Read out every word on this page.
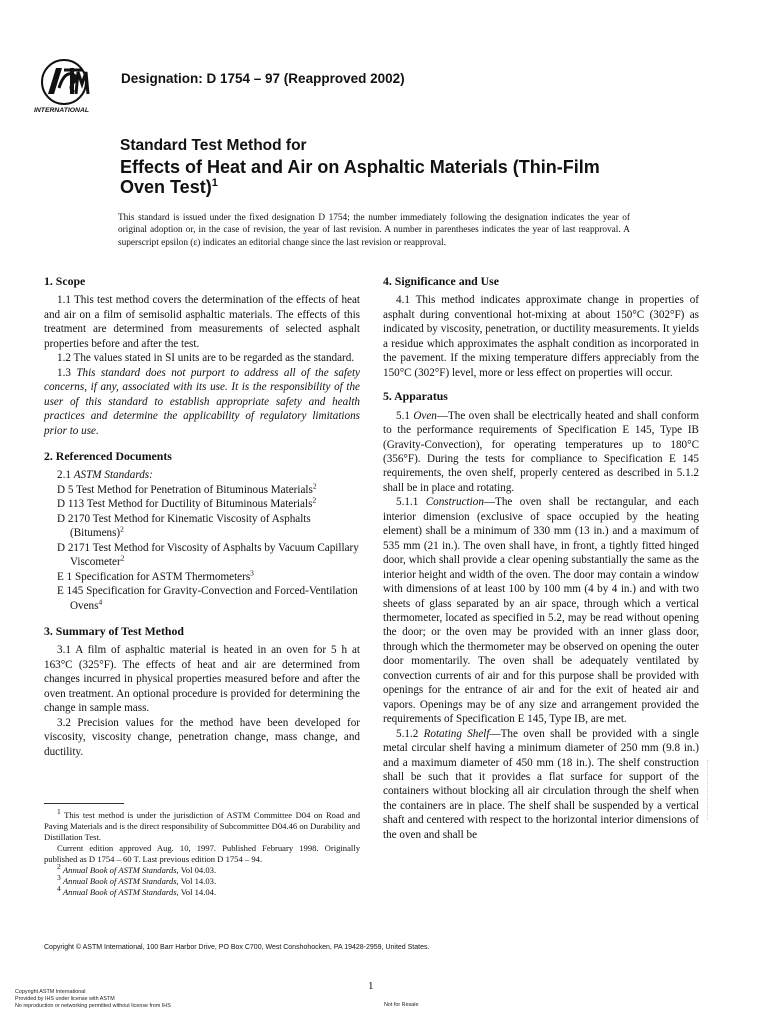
INTERNATIONAL
Designation: D 1754 – 97 (Reapproved 2002)
Standard Test Method for
Effects of Heat and Air on Asphaltic Materials (Thin-Film
Oven Test)$^1$
This standard is issued under the fixed designation D 1754; the number immediately following the designation indicates the year of original adoption or, in the case of revision, the year of last revision. A number in parentheses indicates the year of last reapproval. A superscript epsilon (ε) indicates an editorial change since the last revision or reapproval.
1. Scope

1.1 This test method covers the determination of the effects of heat and air on a film of semisolid asphaltic materials. The effects of this treatment are determined from measurements of selected asphalt properties before and after the test.

1.2 The values stated in SI units are to be regarded as the standard.

1.3 This standard does not purport to address all of the safety concerns, if any, associated with its use. It is the responsibility of the user of this standard to establish appropriate safety and health practices and determine the applicability of regulatory limitations prior to use.

2. Referenced Documents

2.1 ASTM Standards:

D 5 Test Method for Penetration of Bituminous Materials$^2$

D 113 Test Method for Ductility of Bituminous Materials$^2$

D 2170 Test Method for Kinematic Viscosity of Asphalts (Bitumens)$^2$

D 2171 Test Method for Viscosity of Asphalts by Vacuum Capillary Viscometer$^2$

E 1 Specification for ASTM Thermometers$^3$

E 145 Specification for Gravity-Convection and Forced-Ventilation Ovens$^4$

3. Summary of Test Method

3.1 A film of asphaltic material is heated in an oven for 5 h at 163°C (325°F). The effects of heat and air are determined from changes incurred in physical properties measured before and after the oven treatment. An optional procedure is provided for determining the change in sample mass.

3.2 Precision values for the method have been developed for viscosity, viscosity change, penetration change, mass change, and ductility.

$^1$ This test method is under the jurisdiction of ASTM Committee D04 on Road and Paving Materials and is the direct responsibility of Subcommittee D04.46 on Durability and Distillation Test.

Current edition approved Aug. 10, 1997. Published February 1998. Originally published as D 1754 – 60 T. Last previous edition D 1754 – 94.

$^2$ Annual Book of ASTM Standards, Vol 04.03.

$^3$ Annual Book of ASTM Standards, Vol 14.03.

$^4$ Annual Book of ASTM Standards, Vol 14.04.

4. Significance and Use

4.1 This method indicates approximate change in properties of asphalt during conventional hot-mixing at about 150°C (302°F) as indicated by viscosity, penetration, or ductility measurements. It yields a residue which approximates the asphalt condition as incorporated in the pavement. If the mixing temperature differs appreciably from the 150°C (302°F) level, more or less effect on properties will occur.

5. Apparatus

5.1 Oven—The oven shall be electrically heated and shall conform to the performance requirements of Specification E 145, Type IB (Gravity-Convection), for operating temperatures up to 180°C (356°F). During the tests for compliance to Specification E 145 requirements, the oven shelf, properly centered as described in 5.1.2 shall be in place and rotating.

5.1.1 Construction—The oven shall be rectangular, and each interior dimension (exclusive of space occupied by the heating element) shall be a minimum of 330 mm (13 in.) and a maximum of 535 mm (21 in.). The oven shall have, in front, a tightly fitted hinged door, which shall provide a clear opening substantially the same as the interior height and width of the oven. The door may contain a window with dimensions of at least 100 by 100 mm (4 by 4 in.) and with two sheets of glass separated by an air space, through which a vertical thermometer, located as specified in 5.2, may be read without opening the door; or the oven may be provided with an inner glass door, through which the thermometer may be observed on opening the outer door momentarily. The oven shall be adequately ventilated by convection currents of air and for this purpose shall be provided with openings for the entrance of air and for the exit of heated air and vapors. Openings may be of any size and arrangement provided the requirements of Specification E 145, Type IB, are met.

5.1.2 Rotating Shelf—The oven shall be provided with a single metal circular shelf having a minimum diameter of 250 mm (9.8 in.) and a maximum diameter of 450 mm (18 in.). The shelf construction shall be such that it provides a flat surface for support of the containers without blocking all air circulation through the shelf when the containers are in place. The shelf shall be suspended by a vertical shaft and centered with respect to the horizontal interior dimensions of the oven and shall be

Copyright © ASTM International, 100 Barr Harbor Drive, PO Box C700, West Conshohocken, PA 19428-2959, United States.
1
Copyright ASTM International
Provided by IHS under license with ASTM
No reproduction or networking permitted without license from IHS	Not for Resale
